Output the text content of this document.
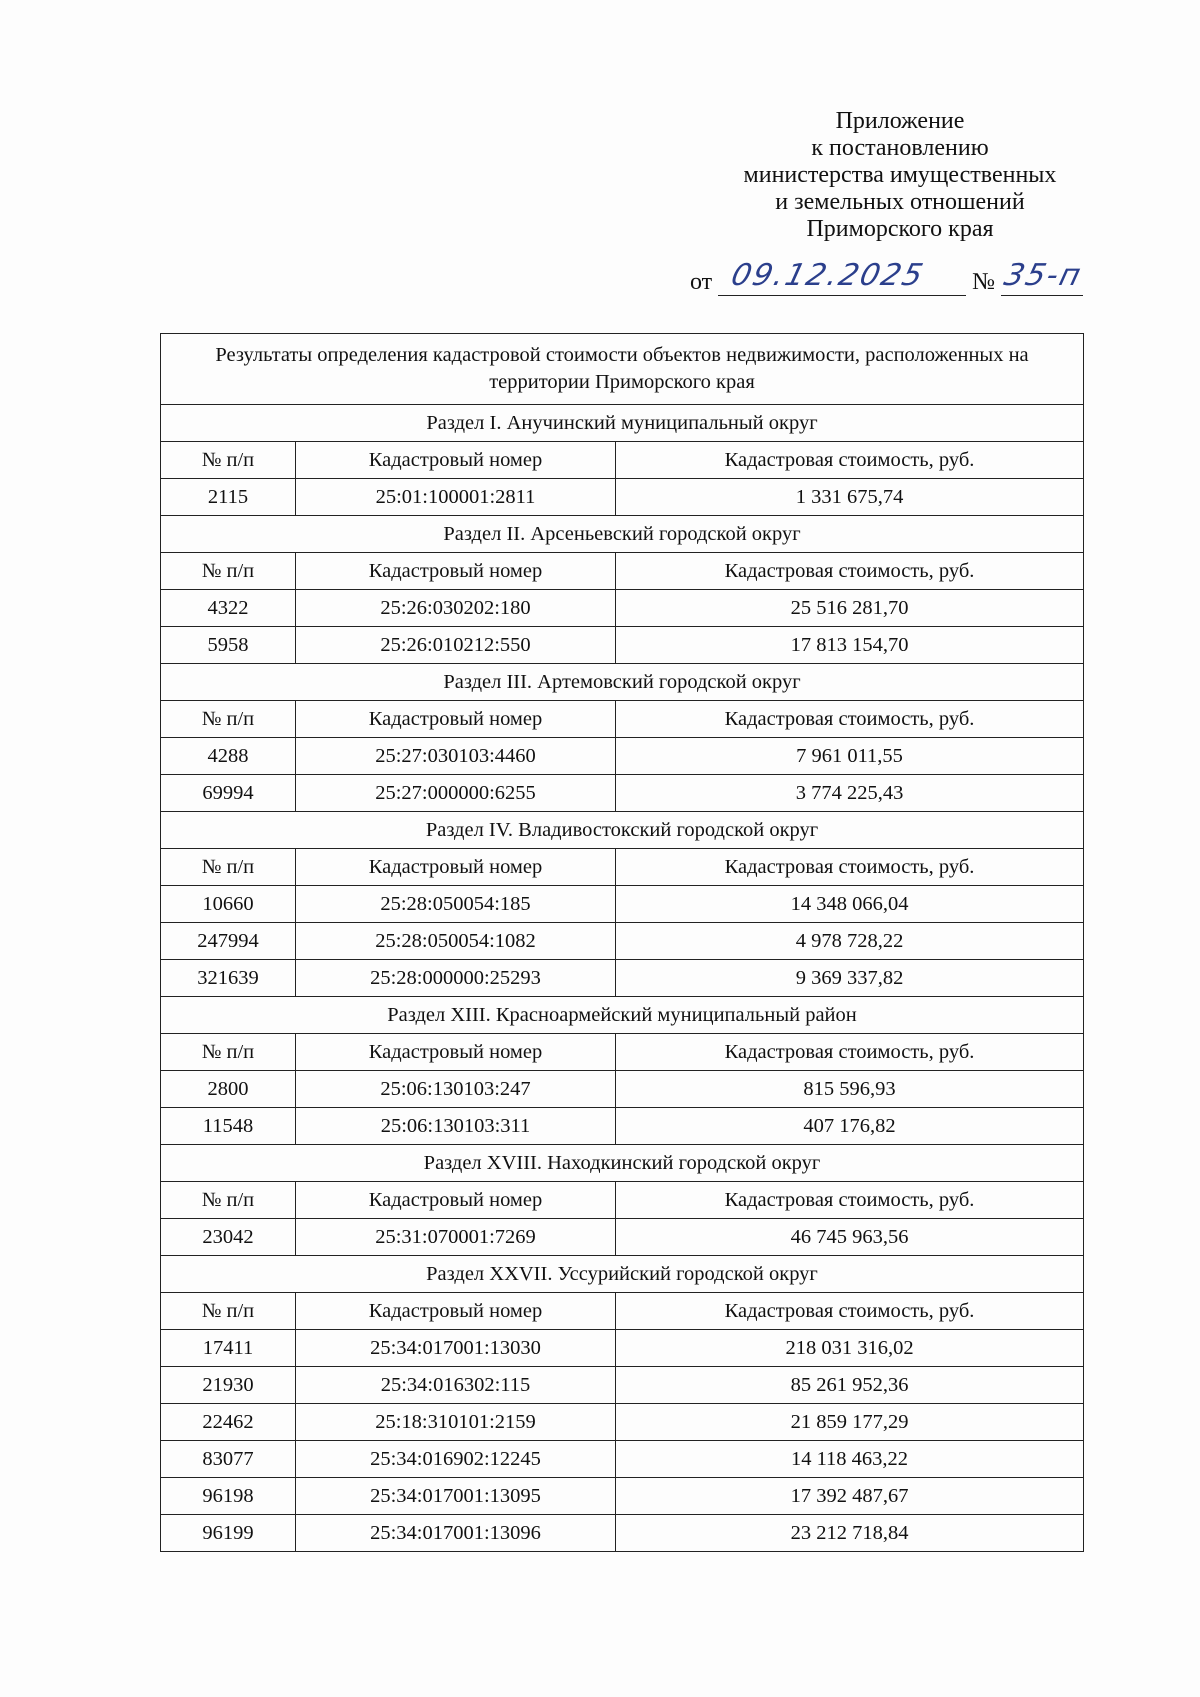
Приложение
к постановлению
министерства имущественных
и земельных отношений
Приморского края
от 09.12.2025 № 35-п
Результаты определения кадастровой стоимости объектов недвижимости, расположенных на территории Приморского края		
Раздел I. Анучинский муниципальный округ		
№ п/п	Кадастровый номер	Кадастровая стоимость, руб.
2115	25:01:100001:2811	1 331 675,74
Раздел II. Арсеньевский городской округ		
№ п/п	Кадастровый номер	Кадастровая стоимость, руб.
4322	25:26:030202:180	25 516 281,70
5958	25:26:010212:550	17 813 154,70
Раздел III. Артемовский городской округ		
№ п/п	Кадастровый номер	Кадастровая стоимость, руб.
4288	25:27:030103:4460	7 961 011,55
69994	25:27:000000:6255	3 774 225,43
Раздел IV. Владивостокский городской округ		
№ п/п	Кадастровый номер	Кадастровая стоимость, руб.
10660	25:28:050054:185	14 348 066,04
247994	25:28:050054:1082	4 978 728,22
321639	25:28:000000:25293	9 369 337,82
Раздел XIII. Красноармейский муниципальный район		
№ п/п	Кадастровый номер	Кадастровая стоимость, руб.
2800	25:06:130103:247	815 596,93
11548	25:06:130103:311	407 176,82
Раздел XVIII. Находкинский городской округ		
№ п/п	Кадастровый номер	Кадастровая стоимость, руб.
23042	25:31:070001:7269	46 745 963,56
Раздел XXVII. Уссурийский городской округ		
№ п/п	Кадастровый номер	Кадастровая стоимость, руб.
17411	25:34:017001:13030	218 031 316,02
21930	25:34:016302:115	85 261 952,36
22462	25:18:310101:2159	21 859 177,29
83077	25:34:016902:12245	14 118 463,22
96198	25:34:017001:13095	17 392 487,67
96199	25:34:017001:13096	23 212 718,84
